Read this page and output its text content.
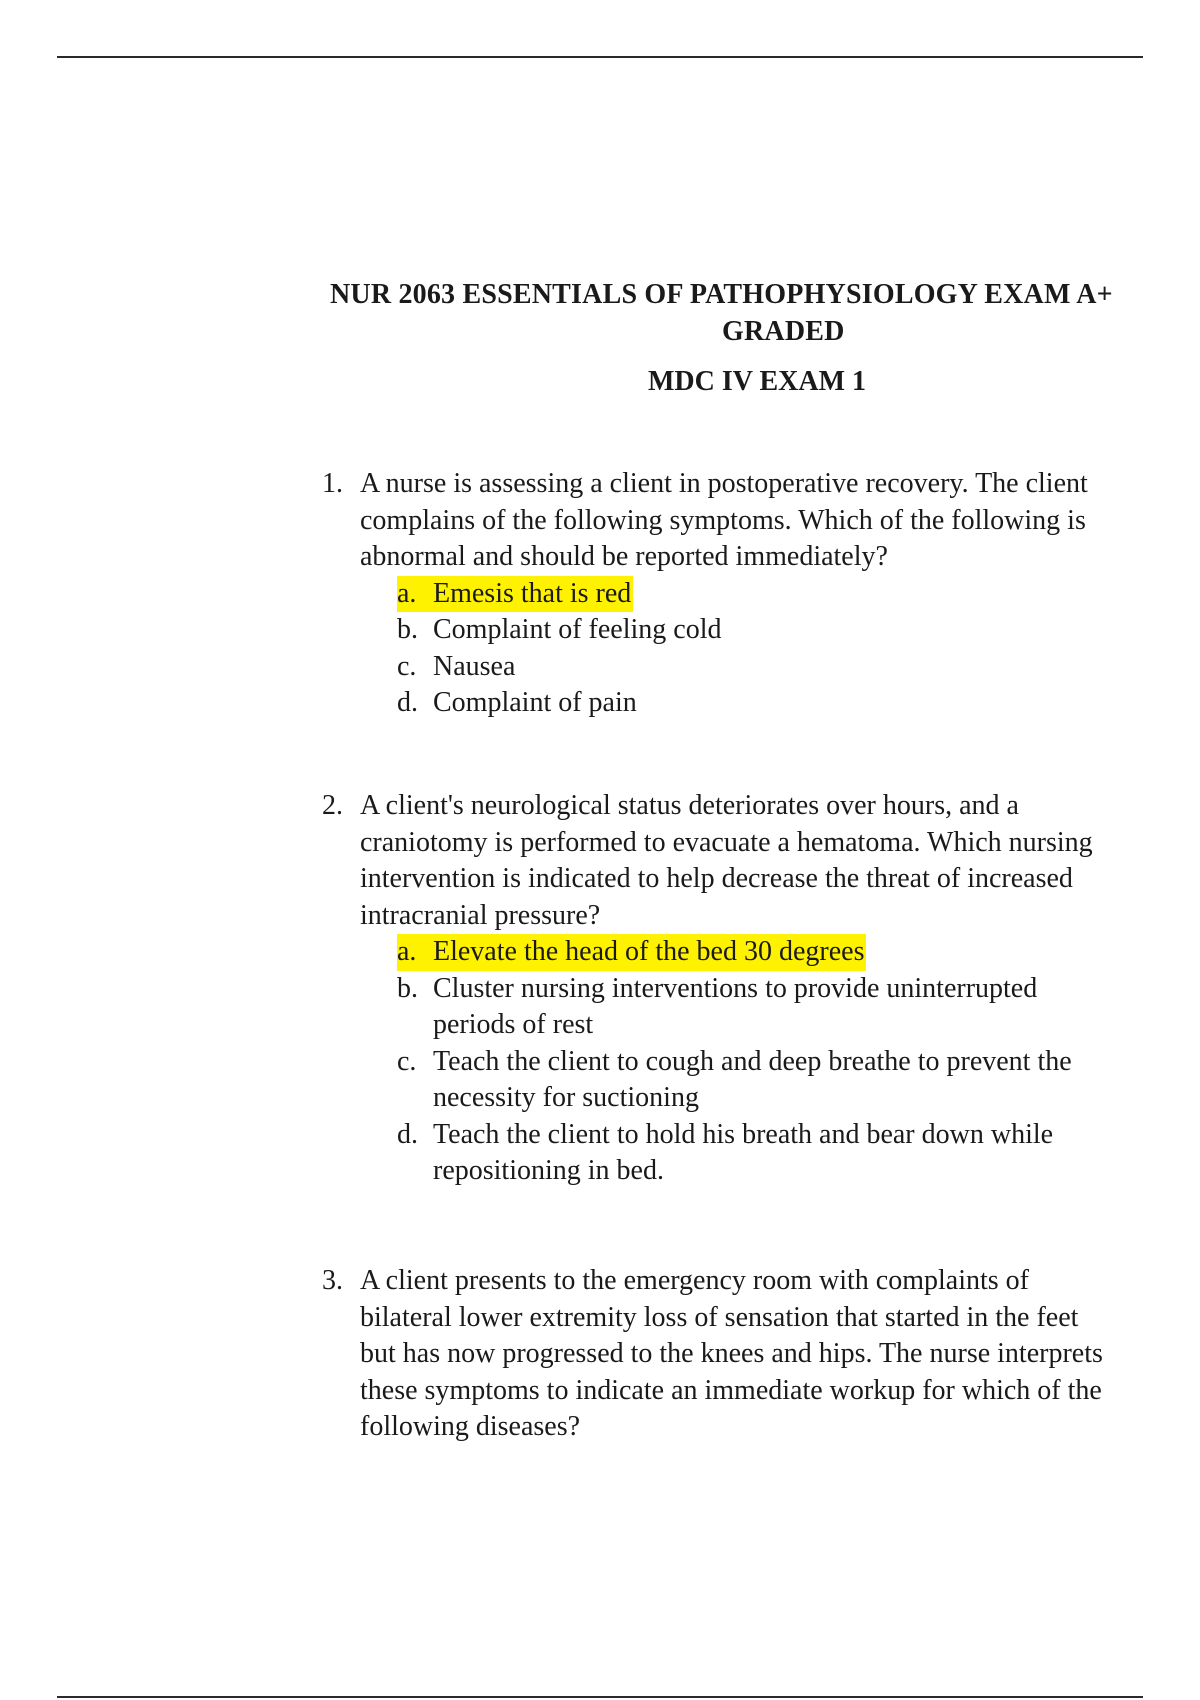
NUR 2063 ESSENTIALS OF PATHOPHYSIOLOGY EXAM A+
GRADED
MDC IV EXAM 1
1. A nurse is assessing a client in postoperative recovery. The client
complains of the following symptoms. Which of the following is
abnormal and should be reported immediately?
a. Emesis that is red
b. Complaint of feeling cold
c. Nausea
d. Complaint of pain
2. A client's neurological status deteriorates over hours, and a
craniotomy is performed to evacuate a hematoma. Which nursing
intervention is indicated to help decrease the threat of increased
intracranial pressure?
a. Elevate the head of the bed 30 degrees
b. Cluster nursing interventions to provide uninterrupted
periods of rest
c. Teach the client to cough and deep breathe to prevent the
necessity for suctioning
d. Teach the client to hold his breath and bear down while
repositioning in bed.
3. A client presents to the emergency room with complaints of
bilateral lower extremity loss of sensation that started in the feet
but has now progressed to the knees and hips. The nurse interprets
these symptoms to indicate an immediate workup for which of the
following diseases?
